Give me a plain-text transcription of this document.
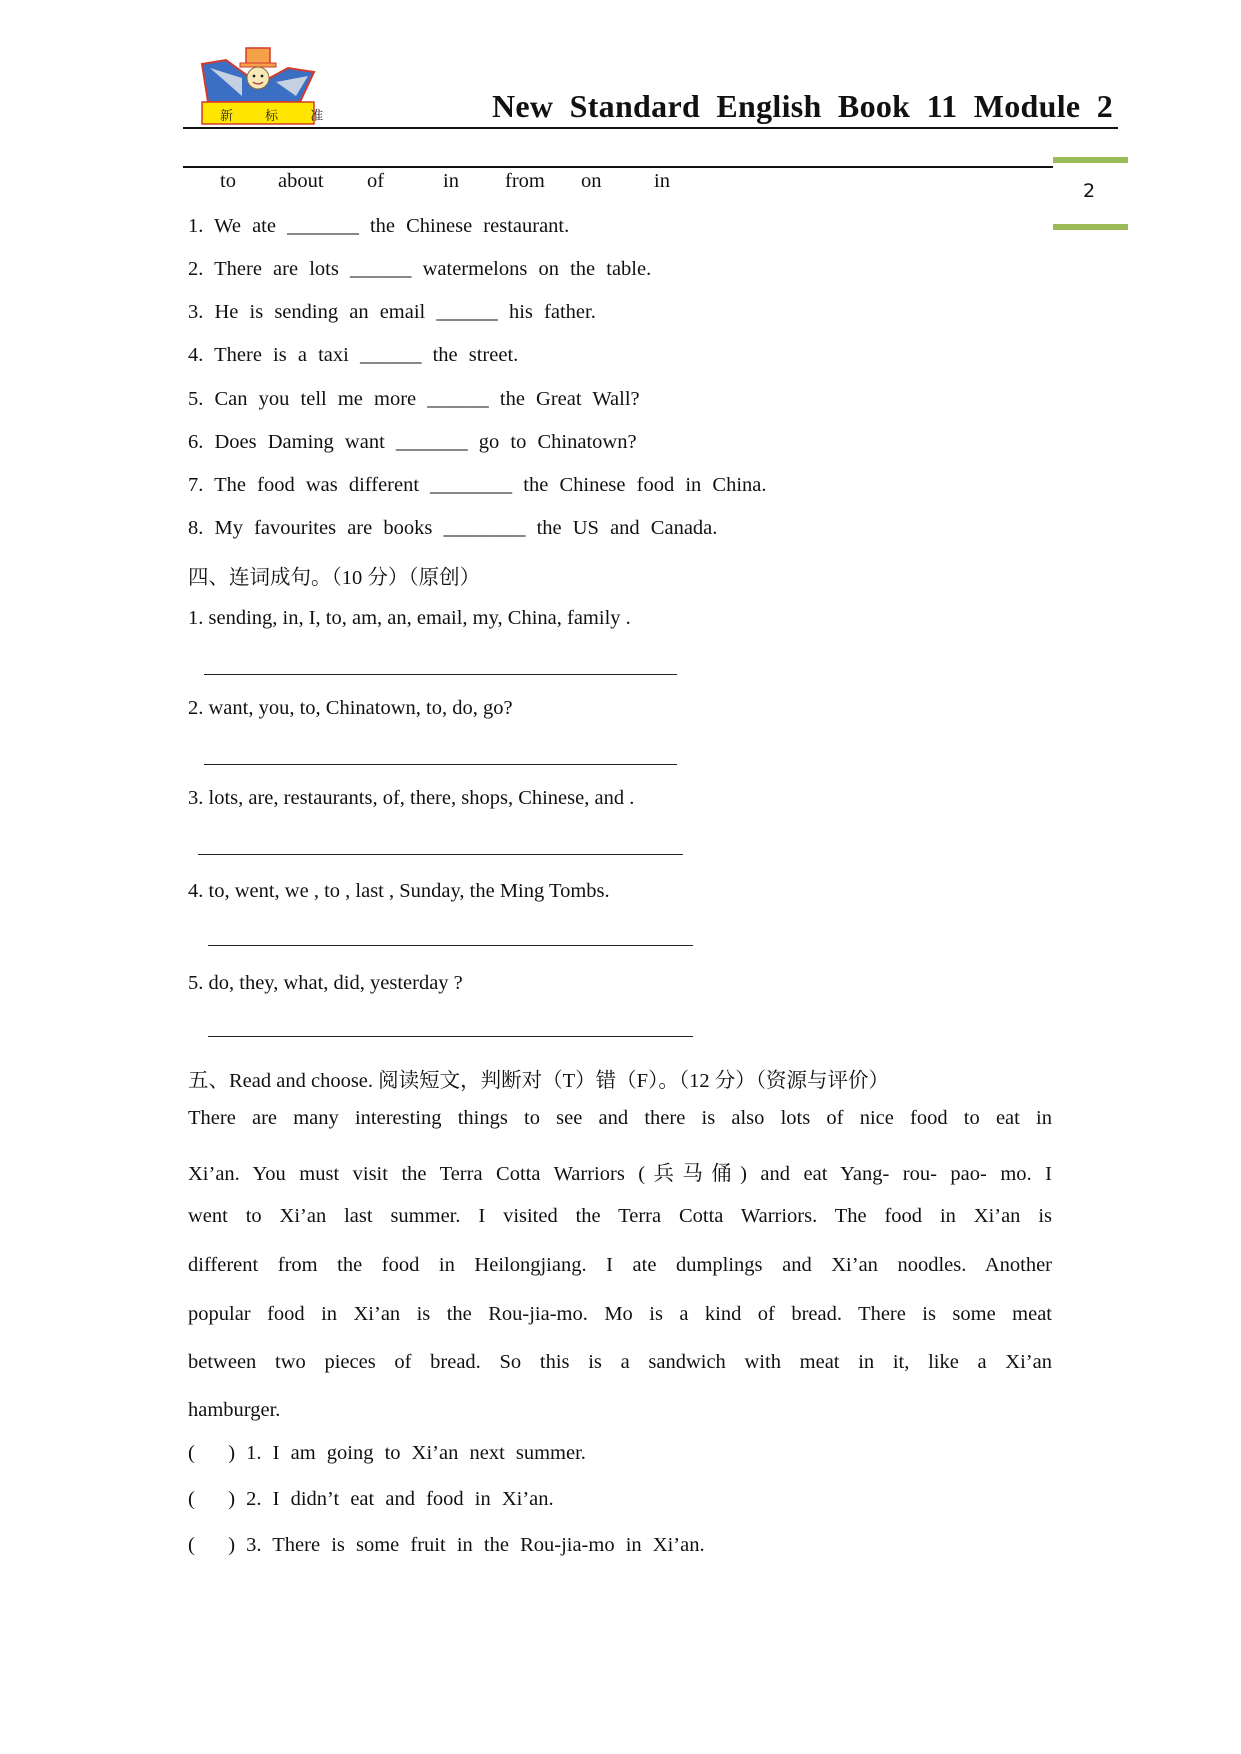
新 标 准	New Standard English Book 11 Module 2
2
to about of	in from on	in
1. We ate _______ the Chinese restaurant.
2. There are lots ______ watermelons on the table.
3. He is sending an email ______ his father.
4. There is a taxi ______ the street.
5. Can you tell me more ______ the Great Wall?
6. Does Daming want _______ go to Chinatown?
7. The food was different ________ the Chinese food in China.
8. My favourites are books ________ the US and Canada.
四、连词成句。（10 分）（原创）
1. sending, in, I, to, am, an, email, my, China, family .
2. want, you, to, Chinatown, to, do, go?
3. lots, are, restaurants, of, there, shops, Chinese, and .
4. to, went, we , to , last , Sunday, the Ming Tombs.
5. do, they, what, did, yesterday ?
五、Read and choose. 阅读短文，判断对（T）错（F）。（12 分）（资源与评价）
There are many interesting things to see and there is also lots of nice food to eat in
Xi’an. You must visit the Terra Cotta Warriors (兵马俑) and eat Yang- rou- pao- mo. I
went to Xi’an last summer. I visited the Terra Cotta Warriors. The food in Xi’an is
different from the food in Heilongjiang. I ate dumplings and Xi’an noodles. Another
popular food in Xi’an is the Rou-jia-mo. Mo is a kind of bread. There is some meat
between two pieces of bread. So this is a sandwich with meat in it, like a Xi’an
hamburger.
(   ) 1. I am going to Xi’an next summer.
(   ) 2. I didn’t eat and food in Xi’an.
(   ) 3. There is some fruit in the Rou-jia-mo in Xi’an.
